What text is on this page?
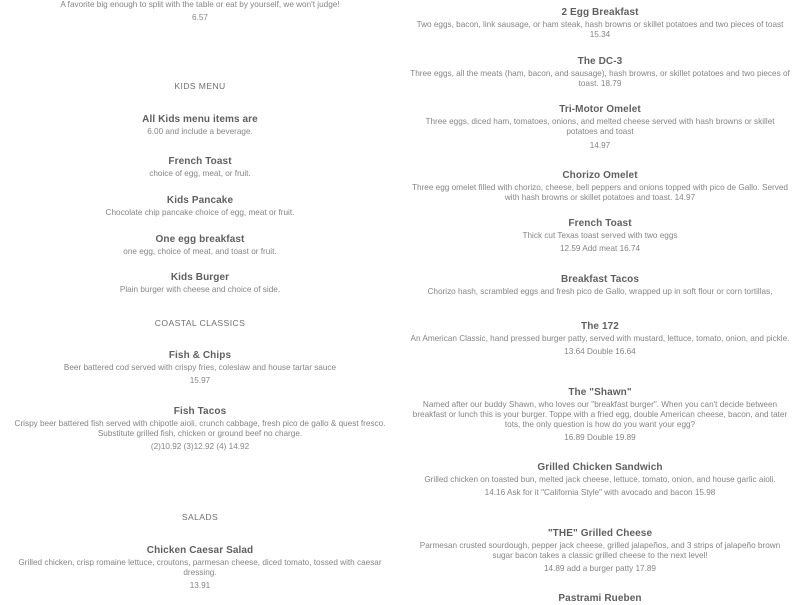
A favorite big enough to split with the table or eat by yourself, we won't judge!
6.57
KIDS MENU
All Kids menu items are
6.00 and include a beverage.
French Toast
choice of egg, meat, or fruit.
Kids Pancake
Chocolate chip pancake choice of egg, meat or fruit.
One egg breakfast
one egg, choice of meat, and toast or fruit.
Kids Burger
Plain burger with cheese and choice of side.
COASTAL CLASSICS
Fish & Chips
Beer battered cod served with crispy fries, coleslaw and house tartar sauce
15.97
Fish Tacos
Crispy beer battered fish served with chipotle aioli, crunch cabbage, fresh pico de gallo & quest fresco. Substitute grilled fish, chicken or ground beef no charge.
(2)10.92 (3)12.92 (4) 14.92
SALADS
Chicken Caesar Salad
Grilled chicken, crisp romaine lettuce, croutons, parmesan cheese, diced tomato, tossed with caesar dressing.
13.91
2 Egg Breakfast
Two eggs, bacon, link sausage, or ham steak, hash browns or skillet potatoes and two pieces of toast 15.34
The DC-3
Three eggs, all the meats (ham, bacon, and sausage), hash browns, or skillet potatoes and two pieces of toast. 18.79
Tri-Motor Omelet
Three eggs, diced ham, tomatoes, onions, and melted cheese served with hash browns or skillet potatoes and toast
14.97
Chorizo Omelet
Three egg omelet filled with chorizo, cheese, bell peppers and onions topped with pico de Gallo. Served with hash browns or skillet potatoes and toast. 14.97
French Toast
Thick cut Texas toast served with two eggs
12.59 Add meat 16.74
Breakfast Tacos
Chorizo hash, scrambled eggs and fresh pico de Gallo, wrapped up in soft flour or corn tortillas,
The 172
An American Classic, hand pressed burger patty, served with mustard, lettuce, tomato, onion, and pickle.
13.64 Double 16.64
The "Shawn"
Named after our buddy Shawn, who loves our "breakfast burger". When you can't decide between breakfast or lunch this is your burger. Toppe with a fried egg, double American cheese, bacon, and tater tots, the only question is how do you want your egg?
16.89 Double 19.89
Grilled Chicken Sandwich
Grilled chicken on toasted bun, melted jack cheese, lettuce, tomato, onion, and house garlic aioli.
14.16 Ask for it "California Style" with avocado and bacon 15.98
"THE" Grilled Cheese
Parmesan crusted sourdough, pepper jack cheese, grilled jalapeños, and 3 strips of jalapeño brown sugar bacon takes a classic grilled cheese to the next level!
14.89 add a burger patty 17.89
Pastrami Rueben
